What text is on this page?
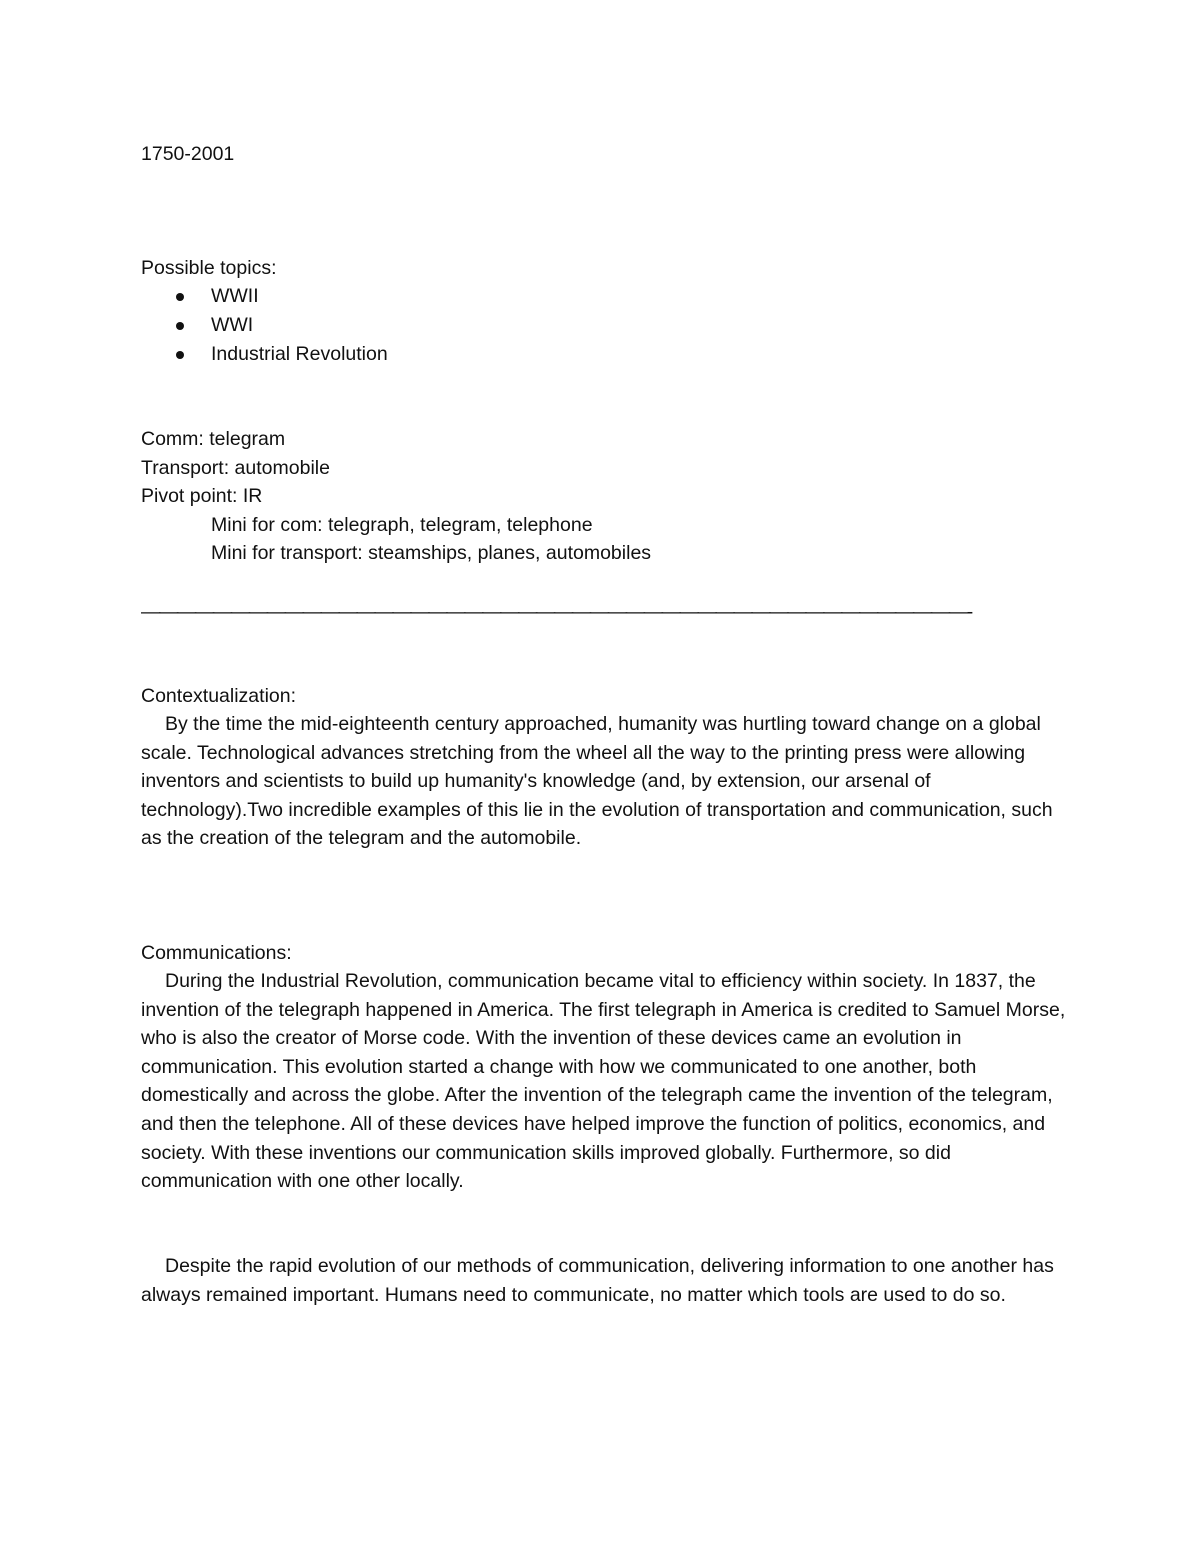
1750-2001
Possible topics:
WWII
WWI
Industrial Revolution
Comm: telegram
Transport: automobile
Pivot point: IR
Mini for com: telegraph, telegram, telephone
Mini for transport: steamships, planes, automobiles
——————————————————————————————————————————————-
Contextualization:

By the time the mid-eighteenth century approached, humanity was hurtling toward change on a global scale. Technological advances stretching from the wheel all the way to the printing press were allowing inventors and scientists to build up humanity's knowledge (and, by extension, our arsenal of technology).Two incredible examples of this lie in the evolution of transportation and communication, such as the creation of the telegram and the automobile.

Communications:

During the Industrial Revolution, communication became vital to efficiency within society. In 1837, the invention of the telegraph happened in America. The first telegraph in America is credited to Samuel Morse, who is also the creator of Morse code. With the invention of these devices came an evolution in communication. This evolution started a change with how we communicated to one another, both domestically and across the globe. After the invention of the telegraph came the invention of the telegram, and then the telephone. All of these devices have helped improve the function of politics, economics, and society. With these inventions our communication skills improved globally. Furthermore, so did communication with one other locally.

Despite the rapid evolution of our methods of communication, delivering information to one another has always remained important. Humans need to communicate, no matter which tools are used to do so.
